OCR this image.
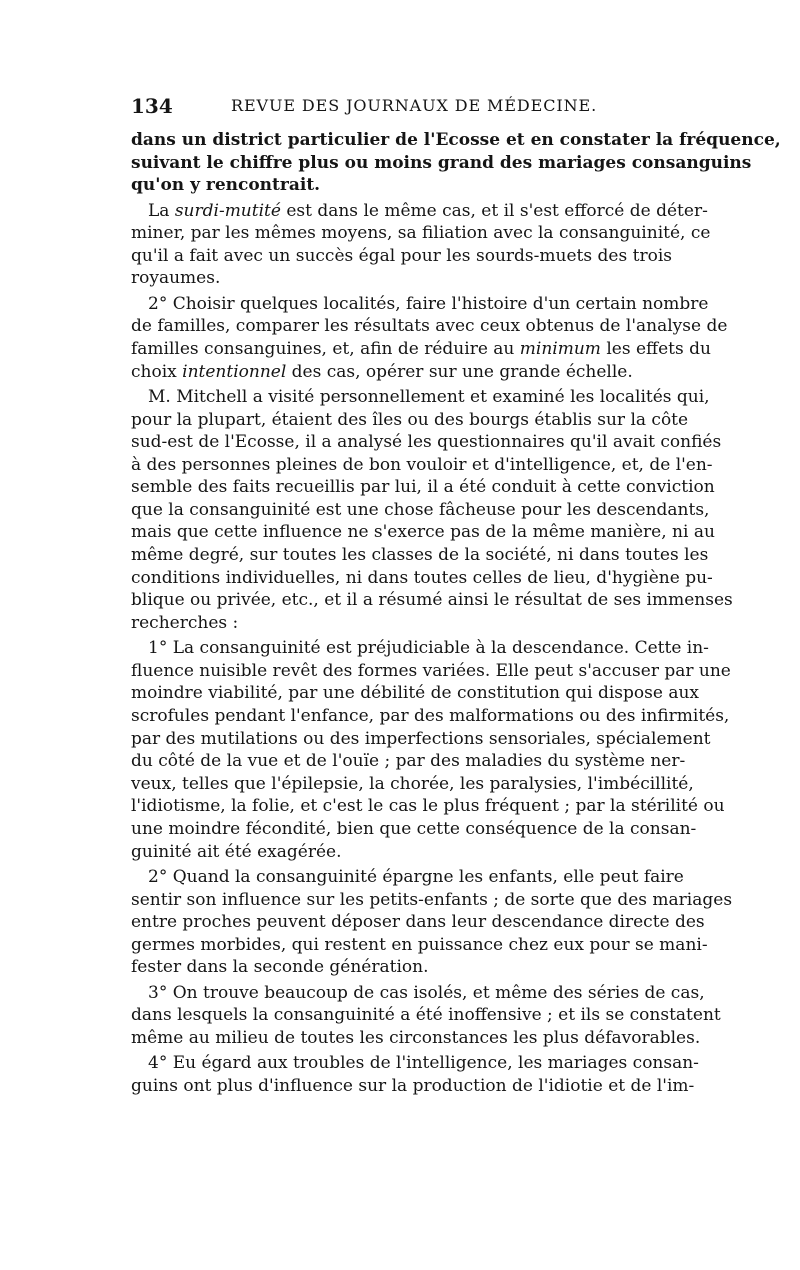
134	REVUE DES JOURNAUX DE MÉDECINE.
dans un district particulier de l'Ecosse et en constater la fréquence,
suivant le chiffre plus ou moins grand des mariages consanguins
qu'on y rencontrait.
La surdi-mutité est dans le même cas, et il s'est efforcé de déter-
miner, par les mêmes moyens, sa filiation avec la consanguinité, ce
qu'il a fait avec un succès égal pour les sourds-muets des trois
royaumes.
2° Choisir quelques localités, faire l'histoire d'un certain nombre
de familles, comparer les résultats avec ceux obtenus de l'analyse de
familles consanguines, et, afin de réduire au minimum les effets du
choix intentionnel des cas, opérer sur une grande échelle.
M. Mitchell a visité personnellement et examiné les localités qui,
pour la plupart, étaient des îles ou des bourgs établis sur la côte
sud-est de l'Ecosse, il a analysé les questionnaires qu'il avait confiés
à des personnes pleines de bon vouloir et d'intelligence, et, de l'en-
semble des faits recueillis par lui, il a été conduit à cette conviction
que la consanguinité est une chose fâcheuse pour les descendants,
mais que cette influence ne s'exerce pas de la même manière, ni au
même degré, sur toutes les classes de la société, ni dans toutes les
conditions individuelles, ni dans toutes celles de lieu, d'hygiène pu-
blique ou privée, etc., et il a résumé ainsi le résultat de ses immenses
recherches :
1° La consanguinité est préjudiciable à la descendance. Cette in-
fluence nuisible revêt des formes variées. Elle peut s'accuser par une
moindre viabilité, par une débilité de constitution qui dispose aux
scrofules pendant l'enfance, par des malformations ou des infirmités,
par des mutilations ou des imperfections sensoriales, spécialement
du côté de la vue et de l'ouïe ; par des maladies du système ner-
veux, telles que l'épilepsie, la chorée, les paralysies, l'imbécillité,
l'idiotisme, la folie, et c'est le cas le plus fréquent ; par la stérilité ou
une moindre fécondité, bien que cette conséquence de la consan-
guinité ait été exagérée.
2° Quand la consanguinité épargne les enfants, elle peut faire
sentir son influence sur les petits-enfants ; de sorte que des mariages
entre proches peuvent déposer dans leur descendance directe des
germes morbides, qui restent en puissance chez eux pour se mani-
fester dans la seconde génération.
3° On trouve beaucoup de cas isolés, et même des séries de cas,
dans lesquels la consanguinité a été inoffensive ; et ils se constatent
même au milieu de toutes les circonstances les plus défavorables.
4° Eu égard aux troubles de l'intelligence, les mariages consan-
guins ont plus d'influence sur la production de l'idiotie et de l'im-
